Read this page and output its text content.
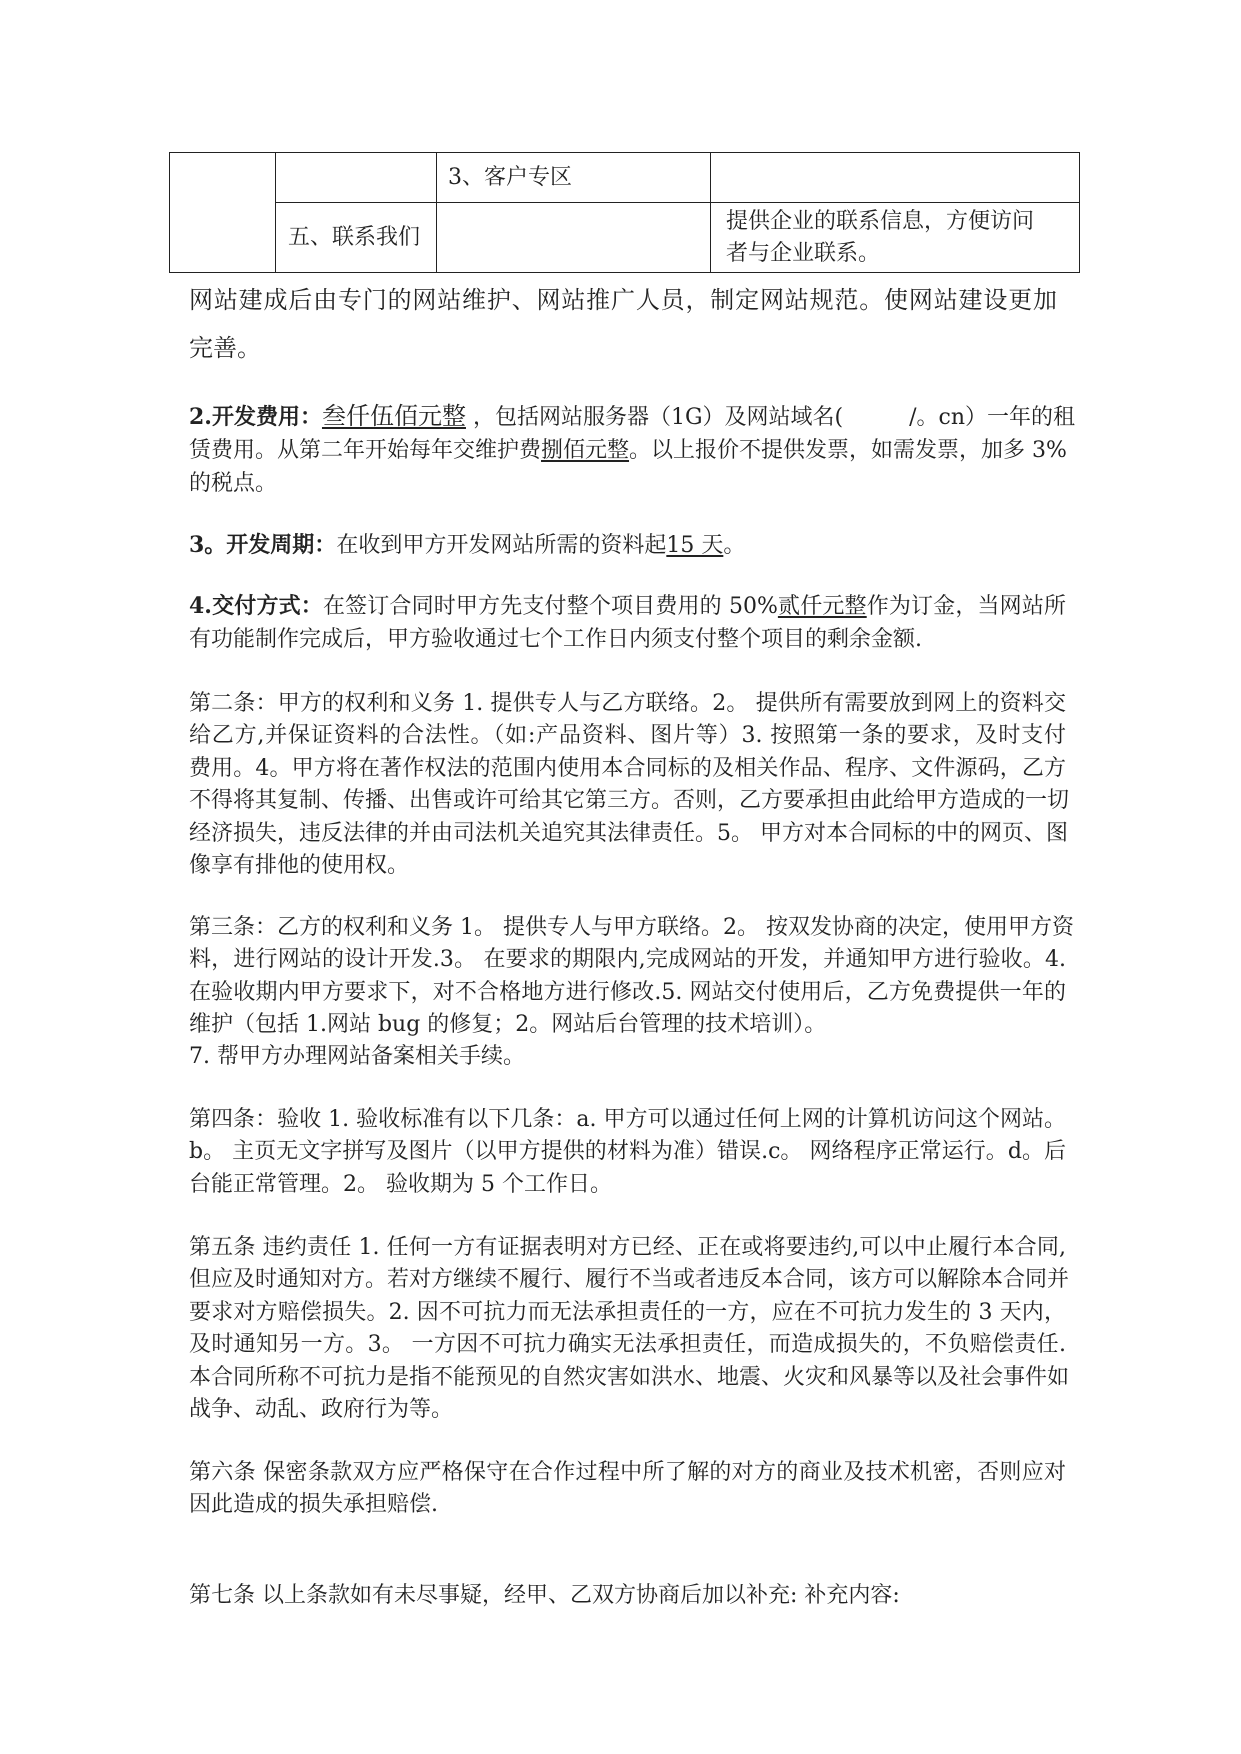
		3、客户专区	

	五、联系我们		提供企业的联系信息，方便访问
者与企业联系。
网站建成后由专门的网站维护、网站推广人员，制定网站规范。使网站建设更加
完善。
2.开发费用：叁仟伍佰元整 ，包括网站服务器（1G）及网站域名(　　　/。cn）一年的租
赁费用。从第二年开始每年交维护费捌佰元整。以上报价不提供发票，如需发票，加多 3%
的税点。
3。开发周期：在收到甲方开发网站所需的资料起15 天。
4.交付方式：在签订合同时甲方先支付整个项目费用的 50%贰仟元整作为订金，当网站所
有功能制作完成后，甲方验收通过七个工作日内须支付整个项目的剩余金额.
第二条：甲方的权利和义务 1. 提供专人与乙方联络。2。 提供所有需要放到网上的资料交
给乙方,并保证资料的合法性。（如:产品资料、图片等）3. 按照第一条的要求，及时支付
费用。4。甲方将在著作权法的范围内使用本合同标的及相关作品、程序、文件源码，乙方
不得将其复制、传播、出售或许可给其它第三方。否则，乙方要承担由此给甲方造成的一切
经济损失，违反法律的并由司法机关追究其法律责任。5。 甲方对本合同标的中的网页、图
像享有排他的使用权。
第三条：乙方的权利和义务 1。 提供专人与甲方联络。2。 按双发协商的决定，使用甲方资
料，进行网站的设计开发.3。 在要求的期限内,完成网站的开发，并通知甲方进行验收。4.
在验收期内甲方要求下，对不合格地方进行修改.5. 网站交付使用后，乙方免费提供一年的
维护（包括 1.网站 bug 的修复；2。网站后台管理的技术培训）。
7. 帮甲方办理网站备案相关手续。
第四条：验收 1. 验收标准有以下几条：a. 甲方可以通过任何上网的计算机访问这个网站。
b。 主页无文字拼写及图片（以甲方提供的材料为准）错误.c。 网络程序正常运行。d。后
台能正常管理。2。 验收期为 5 个工作日。
第五条 违约责任 1. 任何一方有证据表明对方已经、正在或将要违约,可以中止履行本合同,
但应及时通知对方。若对方继续不履行、履行不当或者违反本合同，该方可以解除本合同并
要求对方赔偿损失。2. 因不可抗力而无法承担责任的一方，应在不可抗力发生的 3 天内，
及时通知另一方。3。 一方因不可抗力确实无法承担责任，而造成损失的，不负赔偿责任.
本合同所称不可抗力是指不能预见的自然灾害如洪水、地震、火灾和风暴等以及社会事件如
战争、动乱、政府行为等。
第六条 保密条款双方应严格保守在合作过程中所了解的对方的商业及技术机密，否则应对
因此造成的损失承担赔偿.
第七条 以上条款如有未尽事疑，经甲、乙双方协商后加以补充: 补充内容:
